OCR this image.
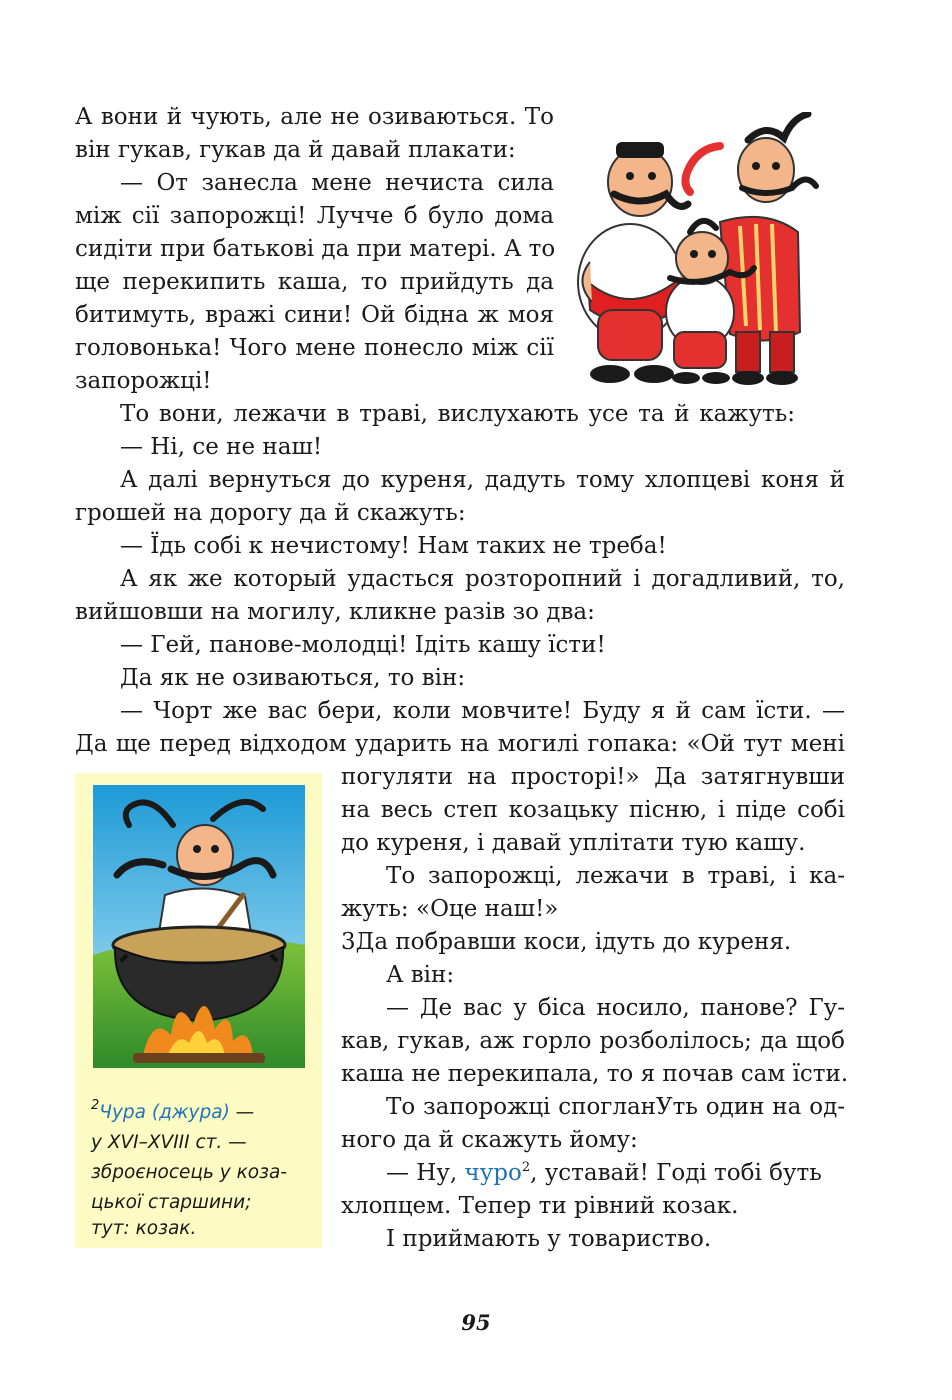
А вони й чують, але не озиваються. То
він гукав, гукав да й давай плакати:
— От занесла мене нечиста сила
між сії запорожці! Лучче б було дома
сидіти при батькові да при матері. А то
ще перекипить каша, то прийдуть да
битимуть, вражі сини! Ой бідна ж моя
головонька! Чого мене понесло між сії
запорожці!
То вони, лежачи в траві, вислухають усе та й кажуть:
— Ні, се не наш!
А далі вернуться до куреня, дадуть тому хлопцеві коня й
грошей на дорогу да й скажуть:
— Їдь собі к нечистому! Нам таких не треба!
А як же который удасться розторопний і догадливий, то,
вийшовши на могилу, кликне разів зо два:
— Гей, панове-молодці! Ідіть кашу їсти!
Да як не озиваються, то він:
— Чорт же вас бери, коли мовчите! Буду я й сам їсти. —
Да ще перед відходом ударить на могилі гопака: «Ой тут мені
$^2$Чура (джура) —
у XVI–XVIII ст. —
зброєносець у коза-
цької старшини;
тут: козак.
погуляти на просторі!» Да затягнувши
на весь степ козацьку пісню, і піде собі
до куреня, і давай уплітати тую кашу.
То запорожці, лежачи в траві, і ка-
жуть: «Оце наш!»
3Да побравши коси, ідуть до куреня.
А він:
— Де вас у біса носило, панове? Гу-
кав, гукав, аж горло розболілось; да щоб
каша не перекипала, то я почав сам їсти.
То запорожці спогланУть один на од-
ного да й скажуть йому:
— Ну, чуро$^2$, уставай! Годі тобі буть
хлопцем. Тепер ти рівний козак.
І приймають у товариство.
95
